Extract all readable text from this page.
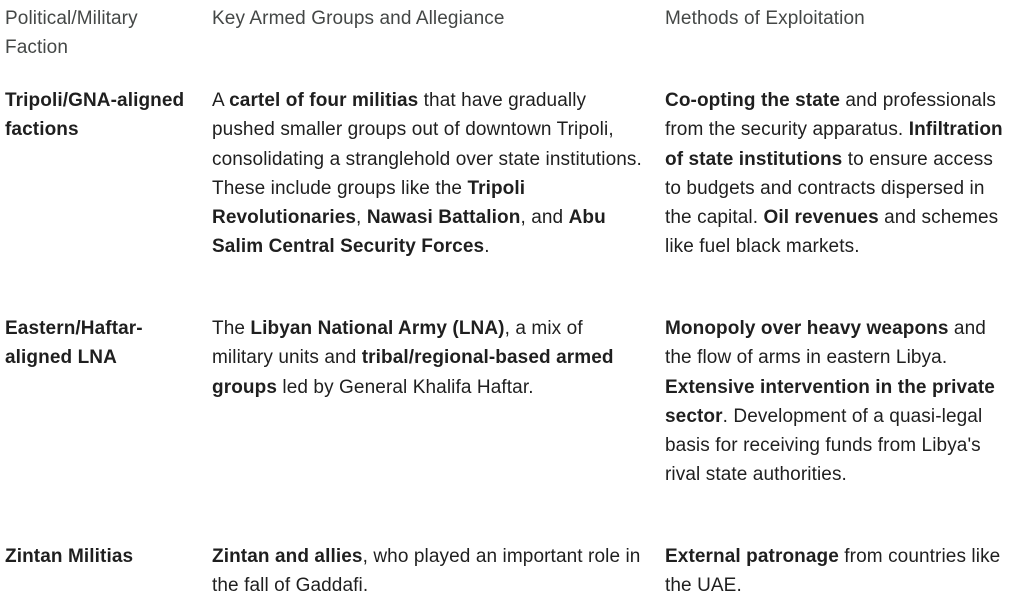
Political/Military Faction
Key Armed Groups and Allegiance	Methods of Exploitation
Tripoli/GNA-aligned factions
A cartel of four militias that have gradually pushed smaller groups out of downtown Tripoli, consolidating a stranglehold over state institutions. These include groups like the Tripoli Revolutionaries, Nawasi Battalion, and Abu Salim Central Security Forces.
Co-opting the state and professionals from the security apparatus. Infiltration of state institutions to ensure access to budgets and contracts dispersed in the capital. Oil revenues and schemes like fuel black markets.
Eastern/Haftar-aligned LNA
The Libyan National Army (LNA), a mix of military units and tribal/regional-based armed groups led by General Khalifa Haftar.
Monopoly over heavy weapons and the flow of arms in eastern Libya. Extensive intervention in the private sector. Development of a quasi-legal basis for receiving funds from Libya's rival state authorities.
Zintan Militias	Zintan and allies, who played an important role in the fall of Gaddafi.
External patronage from countries like the UAE.
